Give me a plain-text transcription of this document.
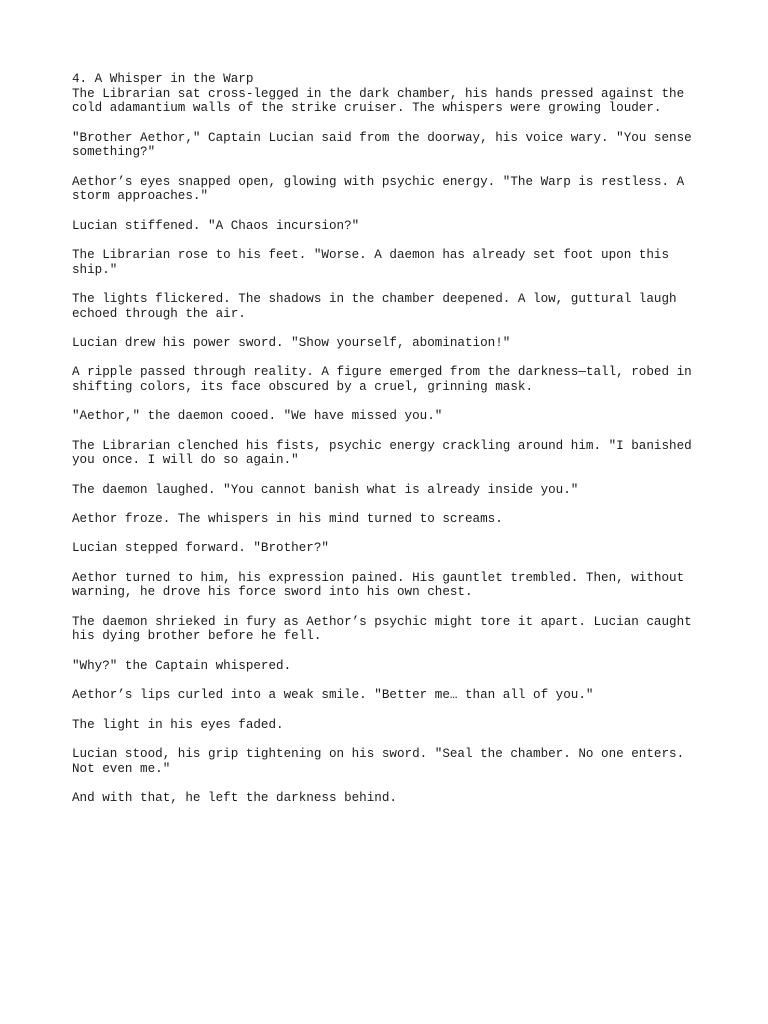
4. A Whisper in the Warp

The Librarian sat cross-legged in the dark chamber, his hands pressed against the
cold adamantium walls of the strike cruiser. The whispers were growing louder.

"Brother Aethor," Captain Lucian said from the doorway, his voice wary. "You sense
something?"

Aethor’s eyes snapped open, glowing with psychic energy. "The Warp is restless. A
storm approaches."

Lucian stiffened. "A Chaos incursion?"

The Librarian rose to his feet. "Worse. A daemon has already set foot upon this
ship."

The lights flickered. The shadows in the chamber deepened. A low, guttural laugh
echoed through the air.

Lucian drew his power sword. "Show yourself, abomination!"

A ripple passed through reality. A figure emerged from the darkness—tall, robed in
shifting colors, its face obscured by a cruel, grinning mask.

"Aethor," the daemon cooed. "We have missed you."

The Librarian clenched his fists, psychic energy crackling around him. "I banished
you once. I will do so again."

The daemon laughed. "You cannot banish what is already inside you."

Aethor froze. The whispers in his mind turned to screams.

Lucian stepped forward. "Brother?"

Aethor turned to him, his expression pained. His gauntlet trembled. Then, without
warning, he drove his force sword into his own chest.

The daemon shrieked in fury as Aethor’s psychic might tore it apart. Lucian caught
his dying brother before he fell.

"Why?" the Captain whispered.

Aethor’s lips curled into a weak smile. "Better me… than all of you."

The light in his eyes faded.

Lucian stood, his grip tightening on his sword. "Seal the chamber. No one enters.
Not even me."

And with that, he left the darkness behind.
